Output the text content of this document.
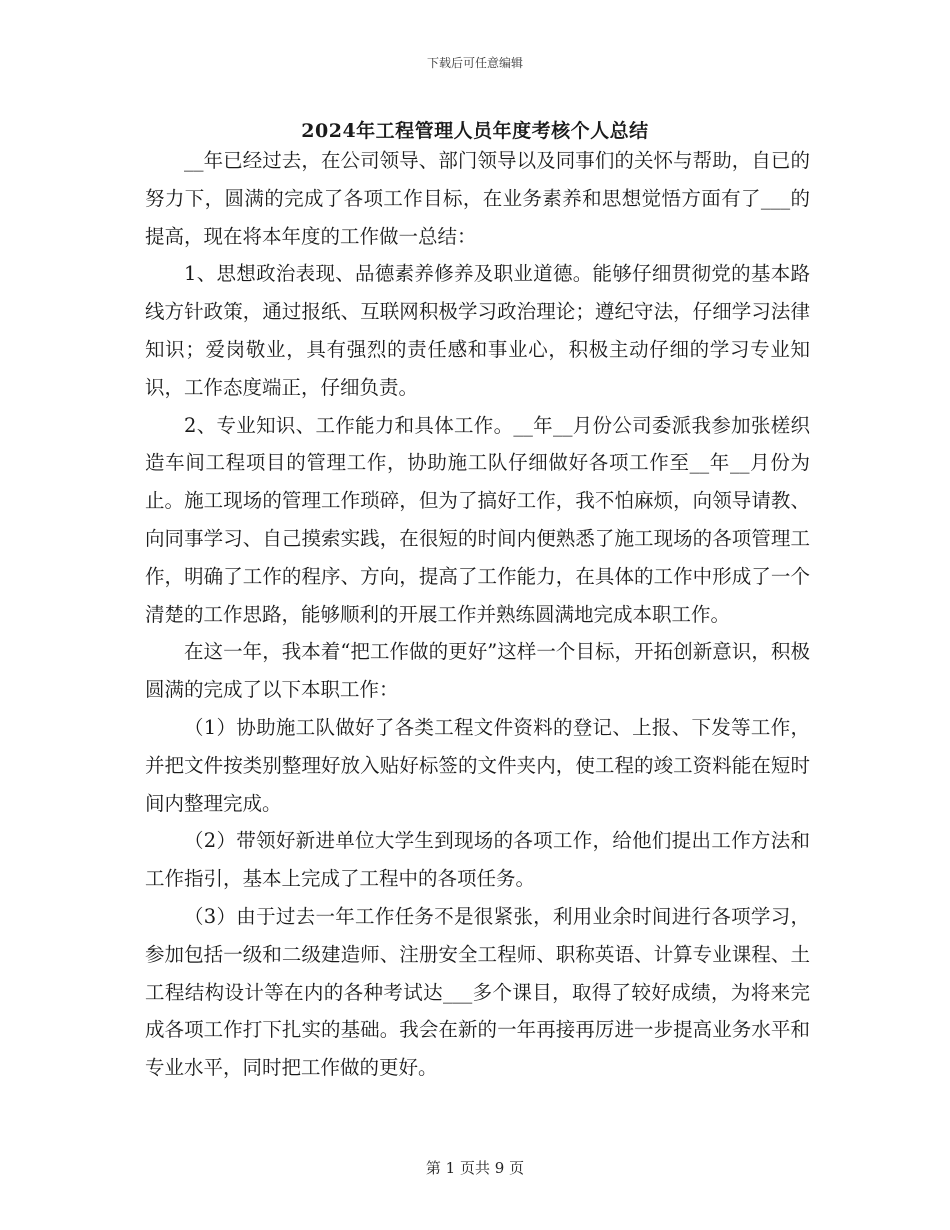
下载后可任意编辑
2024年工程管理人员年度考核个人总结

__年已经过去，在公司领导、部门领导以及同事们的关怀与帮助，自已的努力下，圆满的完成了各项工作目标，在业务素养和思想觉悟方面有了___的提高，现在将本年度的工作做一总结：

1、思想政治表现、品德素养修养及职业道德。能够仔细贯彻党的基本路线方针政策，通过报纸、互联网积极学习政治理论；遵纪守法，仔细学习法律知识；爱岗敬业，具有强烈的责任感和事业心，积极主动仔细的学习专业知识，工作态度端正，仔细负责。

2、专业知识、工作能力和具体工作。__年__月份公司委派我参加张槎织造车间工程项目的管理工作，协助施工队仔细做好各项工作至__年__月份为止。施工现场的管理工作琐碎，但为了搞好工作，我不怕麻烦，向领导请教、向同事学习、自己摸索实践，在很短的时间内便熟悉了施工现场的各项管理工作，明确了工作的程序、方向，提高了工作能力，在具体的工作中形成了一个清楚的工作思路，能够顺利的开展工作并熟练圆满地完成本职工作。

在这一年，我本着“把工作做的更好”这样一个目标，开拓创新意识，积极圆满的完成了以下本职工作：

（1）协助施工队做好了各类工程文件资料的登记、上报、下发等工作，并把文件按类别整理好放入贴好标签的文件夹内，使工程的竣工资料能在短时间内整理完成。

（2）带领好新进单位大学生到现场的各项工作，给他们提出工作方法和工作指引，基本上完成了工程中的各项任务。

（3）由于过去一年工作任务不是很紧张，利用业余时间进行各项学习，参加包括一级和二级建造师、注册安全工程师、职称英语、计算专业课程、土工程结构设计等在内的各种考试达___多个课目，取得了较好成绩，为将来完成各项工作打下扎实的基础。我会在新的一年再接再厉进一步提高业务水平和专业水平，同时把工作做的更好。

第 1 页共 9 页
